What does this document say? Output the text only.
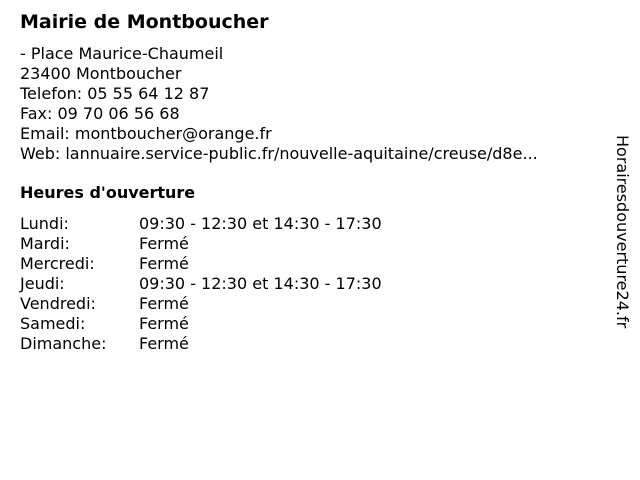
Mairie de Montboucher
- Place Maurice-Chaumeil
23400 Montboucher
Telefon: 05 55 64 12 87
Fax: 09 70 06 56 68
Email: montboucher@orange.fr
Web: lannuaire.service-public.fr/nouvelle-aquitaine/creuse/d8e...
Heures d'ouverture
Lundi:	09:30 - 12:30 et 14:30 - 17:30
Mardi:	Fermé
Mercredi:	Fermé
Jeudi:	09:30 - 12:30 et 14:30 - 17:30
Vendredi:	Fermé
Samedi:	Fermé
Dimanche: Fermé
Horairesdouverture24.fr
